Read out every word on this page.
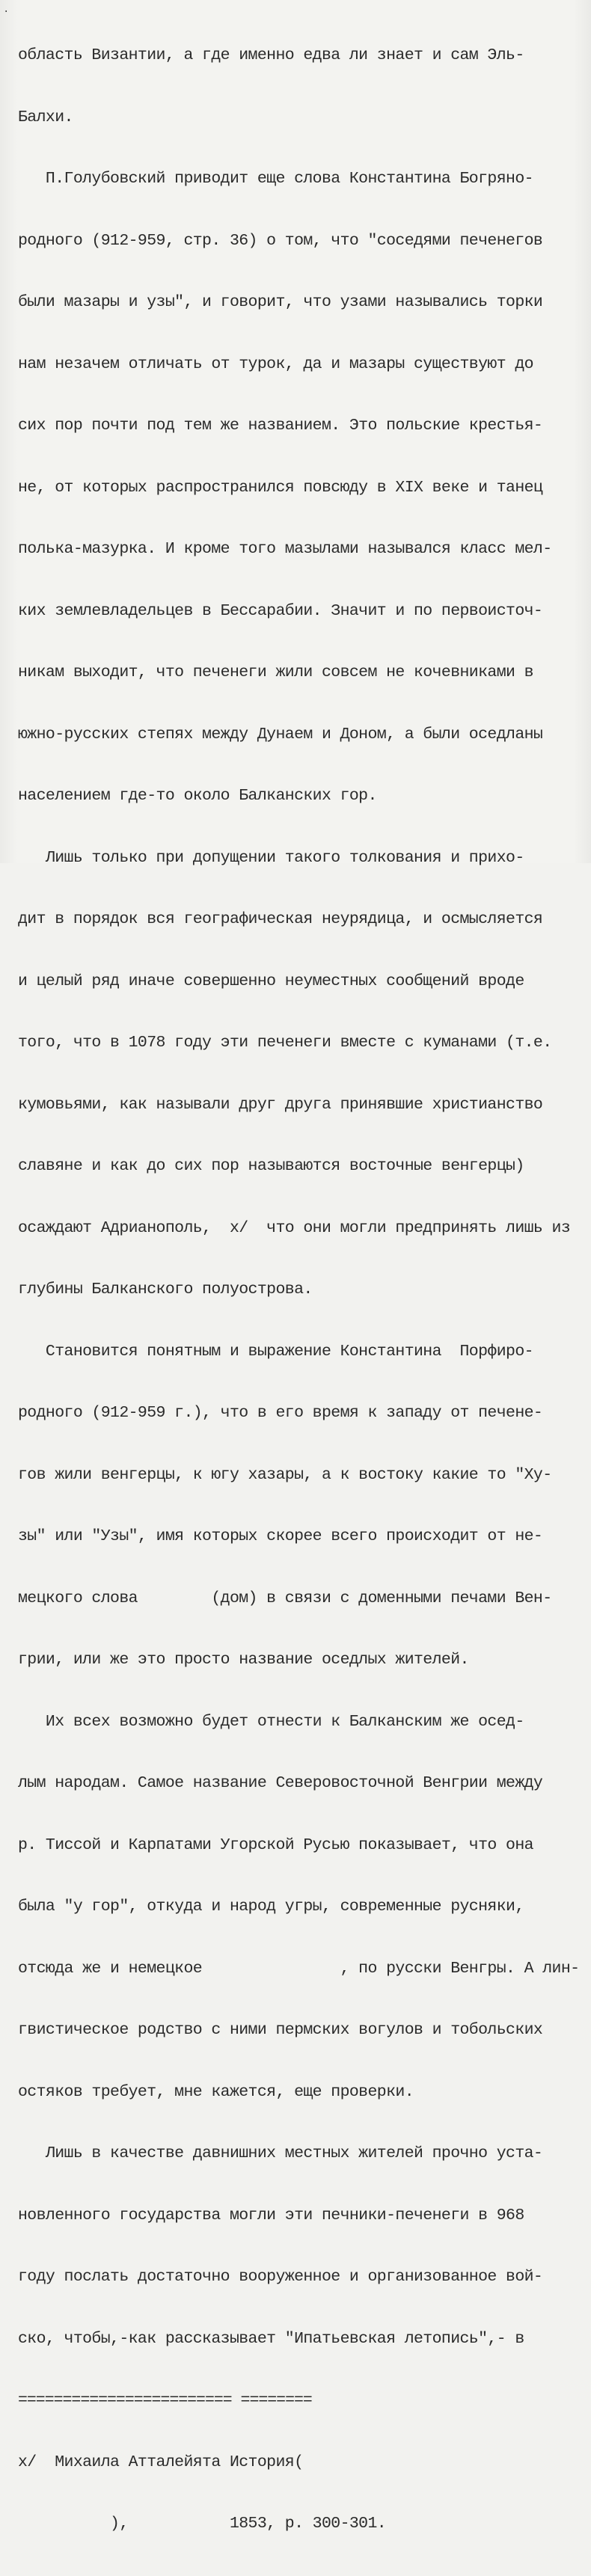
·

область Византии, а где именно едва ли знает и сам Эль-

Балхи.

П.Голубовский приводит еще слова Константина Богряно-

родного (912-959, стр. 36) о том, что "соседями печенегов

были мазары и узы", и говорит, что узами назывались торки

нам незачем отличать от турок, да и мазары существуют до

сих пор почти под тем же названием. Это польские крестья-

не, от которых распространился повсюду в XIX веке и танец

полька-мазурка. И кроме того мазылами назывался класс мел-

ких землевладельцев в Бессарабии. Значит и по первоисточ-

никам выходит, что печенеги жили совсем не кочевниками в

южно-русских степях между Дунаем и Доном, а были оседланы

населением где-то около Балканских гор.

Лишь только при допущении такого толкования и прихо-

дит в порядок вся географическая неурядица, и осмысляется

и целый ряд иначе совершенно неуместных сообщений вроде

того, что в 1078 году эти печенеги вместе с куманами (т.е.

кумовьями, как называли друг друга принявшие христианство

славяне и как до сих пор называются восточные венгерцы)

осаждают Адрианополь,  x/  что они могли предпринять лишь из

глубины Балканского полуострова.

Становится понятным и выражение Константина  Порфиро-

родного (912-959 г.), что в его время к западу от печене-

гов жили венгерцы, к югу хазары, а к востоку какие то "Ху-

зы" или "Узы", имя которых скорее всего происходит от не-

мецкого слова        (дом) в связи с доменными печами Вен-

грии, или же это просто название оседлых жителей.

Их всех возможно будет отнести к Балканским же осед-

лым народам. Самое название Северовосточной Венгрии между

р. Тиссой и Карпатами Угорской Русью показывает, что она

была "у гор", откуда и народ угры, современные русняки,

отсюда же и немецкое               , по русски Венгры. А лин-

гвистическое родство с ними пермских вогулов и тобольских

остяков требует, мне кажется, еще проверки.

Лишь в качестве давнишних местных жителей прочно уста-

новленного государства могли эти печники-печенеги в 968

году послать достаточно вооруженное и организованное вой-

ско, чтобы,-как рассказывает "Ипатьевская летопись",- в

======================== ========

x/  Михаила Атталейята История(

),           1853, р. 300-301.
